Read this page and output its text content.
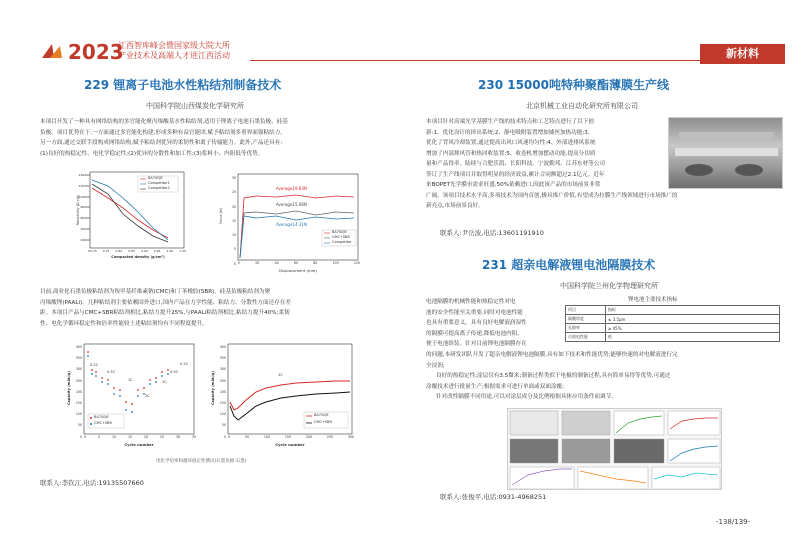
2023
江西智库峰会暨国家级大院大所
产业技术及高端人才进江西活动	新材料
229 锂离子电池水性粘结剂制备技术
中国科学院山西煤炭化学研究所
本项目开发了一种具有网络结构的多官能化聚丙烯酸基水性粘结剂,适用于锂离子电池石墨负极、硅基
负极。项目优势在于,一方面通过多官能化构建,形成多种有益官能团,赋予粘结剂多重界面强粘结力。
另一方面,通过交联手段构成网络结构,赋予粘结剂优异的柔韧性和离子传输能力。此外,产品还具有:
(1)良好的热稳定性、电化学稳定性;(2)优异的分散性和加工性;(3)浆料小、内阻低等优势。
BA700JE
Competitor1
Competitor2
140000
120000
100000
80000
60000
40000
20000
0
Resistivity (Ω cm)
0.70 0.75 0.80 0.85 0.90 0.95 1.00 1.05
Compacted density (g/cm³)
Average19.83N
Average15.06N
Average14.31N
BA700JE
CMC+SBR
Competitor
30
25
20
15
10
5
0
Force (N)
0	20	40	60	80	100	120
Displacement (mm)
目前,商业化石墨负极粘结剂为羧甲基纤维素钠(CMC)和丁苯橡胶(SBR)。硅基负极粘结剂为聚
丙烯酸锂(PAALi)。几种粘结剂主要依赖国外进口,国内产品在力学性能、粘结力、分散性方面还存在差
距。本项目产品与CMC+SBR粘结剂相比,粘结力提升25%,与PAALi粘结剂相比,粘结力提升40%;柔韧
性、电化学循环稳定性和倍率性能较上述粘结剂均有不同程度提升。
0.2C
0.5C
1C
2C
1C
0.5C
0.2C
BA700JE
CMC+SBR
400
350
300
250
200
150
100
50
0
Capacity (mAh/g)
0	5	10	15	20	25	30	35
Cycle number
1C
BA700JE
CMC+SBR
400
350
300
250
200
150
100
50
0
Capacity (mAh/g)
0	50	100	150	200	250	300
Cycle number
电化学倍率和循环稳定性测试(石墨负极:石墨)
联系人:李钦江,电话:19135507660
230 15000吨特种聚酯薄膜生产线
北京机械工业自动化研究所有限公司
本项目针对高端光学基膜生产线的技术特点和工艺特点进行了以下创
新:1、优化设计的挤出系统;2、静电吸附装置增加铺丝加热功能;3、
优化了背风冷却装置,通过提高出风口风速均匀性;4、外部进排风系统
增加了内部排风管和热回收装置;5、收卷机增加摆动功能,提高分切质
量和产品得率。陆续与合肥乐凯、长阳科技、宁波勤邦、江苏东材等公司
签订了生产线项目并取得明显的经济效益,累计合同额超过2.1亿元。近年
来BOPET光学膜市需求旺盛,50%依赖进口,因此该产品的市场前景非常
广阔。该项目技术水平高,多项技术为国内首创,极具推广价值,有望成为拉膜生产线领域进行市场推广的
新亮点,市场前景良好。
联系人:尹岳波,电话:13601191910
231 超亲电解液锂电池隔膜技术
中国科学院兰州化学物理研究所
电池隔膜的机械性能和热稳定性对电
池的安全性能至关重要,同时对电池性能
也具有重要意义。具有良好电解液润湿性
的隔膜可提高离子传递,降低电池内阻,
便于电池组装。针对目前锂电池隔膜存在
锂电池主要技术指标
项目	指标
隔膜厚度	≤ 3.5μm
孔隙率	≥ 45%
自放电性能	低
的问题,本研发团队开发了超亲电解液锂电池隔膜,具有如下技术和性能优势:能够快速的对电解液进行完
全浸润;
良好的热稳定性;涂层仅有3.5微米;制备过程类似于电极的制备过程,具有简单易得等优势,可通过
涂覆技术进行批量生产;根据需求可进行单面或双面涂覆;
针对改性隔膜不同用途,可以对涂层成分及比例根据具体应用条件而调节。
联系人:张俊平,电话:0931-4968251
-138/139-
